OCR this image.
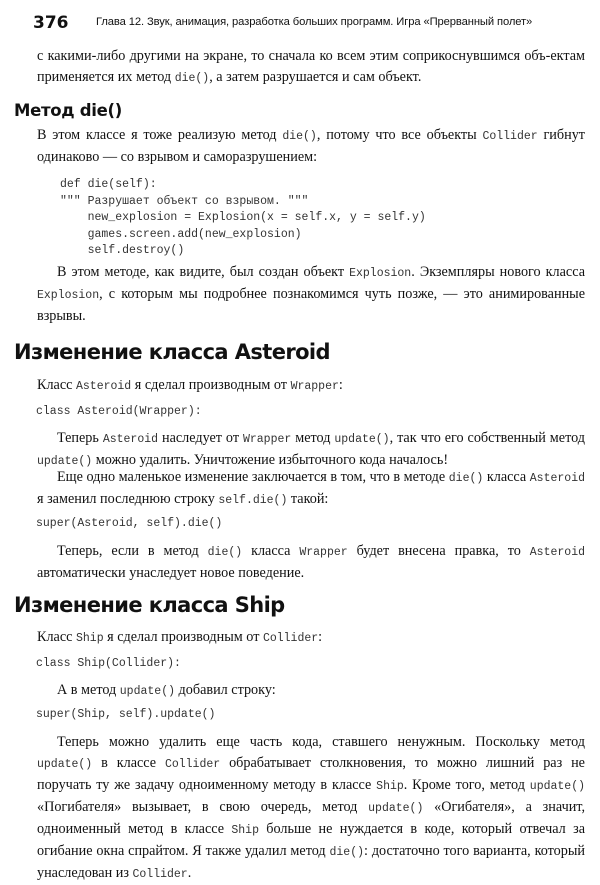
376 Глава 12. Звук, анимация, разработка больших программ. Игра «Прерванный полет»

с какими-либо другими на экране, то сначала ко всем этим соприкоснувшимся объ-ектам применяется их метод die(), а затем разрушается и сам объект.

Метод die()

В этом классе я тоже реализую метод die(), потому что все объекты Collider гибнут одинаково — со взрывом и саморазрушением:

def die(self):
""" Разрушает объект со взрывом. """
new_explosion = Explosion(x = self.x, y = self.y)
games.screen.add(new_explosion)
self.destroy()

В этом методе, как видите, был создан объект Explosion. Экземпляры нового класса Explosion, с которым мы подробнее познакомимся чуть позже, — это анимированные взрывы.

Изменение класса Asteroid

Класс Asteroid я сделал производным от Wrapper:

class Asteroid(Wrapper):

Теперь Asteroid наследует от Wrapper метод update(), так что его собственный метод update() можно удалить. Уничтожение избыточного кода началось!

Еще одно маленькое изменение заключается в том, что в методе die() класса Asteroid я заменил последнюю строку self.die() такой:

super(Asteroid, self).die()

Теперь, если в метод die() класса Wrapper будет внесена правка, то Asteroid автоматически унаследует новое поведение.

Изменение класса Ship

Класс Ship я сделал производным от Collider:

class Ship(Collider):

А в метод update() добавил строку:

super(Ship, self).update()

Теперь можно удалить еще часть кода, ставшего ненужным. Поскольку метод update() в классе Collider обрабатывает столкновения, то можно лишний раз не поручать ту же задачу одноименному методу в классе Ship. Кроме того, метод update() «Погибателя» вызывает, в свою очередь, метод update() «Огибателя», а значит, одноименный метод в классе Ship больше не нуждается в коде, который отвечал за огибание окна спрайтом. Я также удалил метод die(): достаточно того варианта, который унаследован из Collider.
